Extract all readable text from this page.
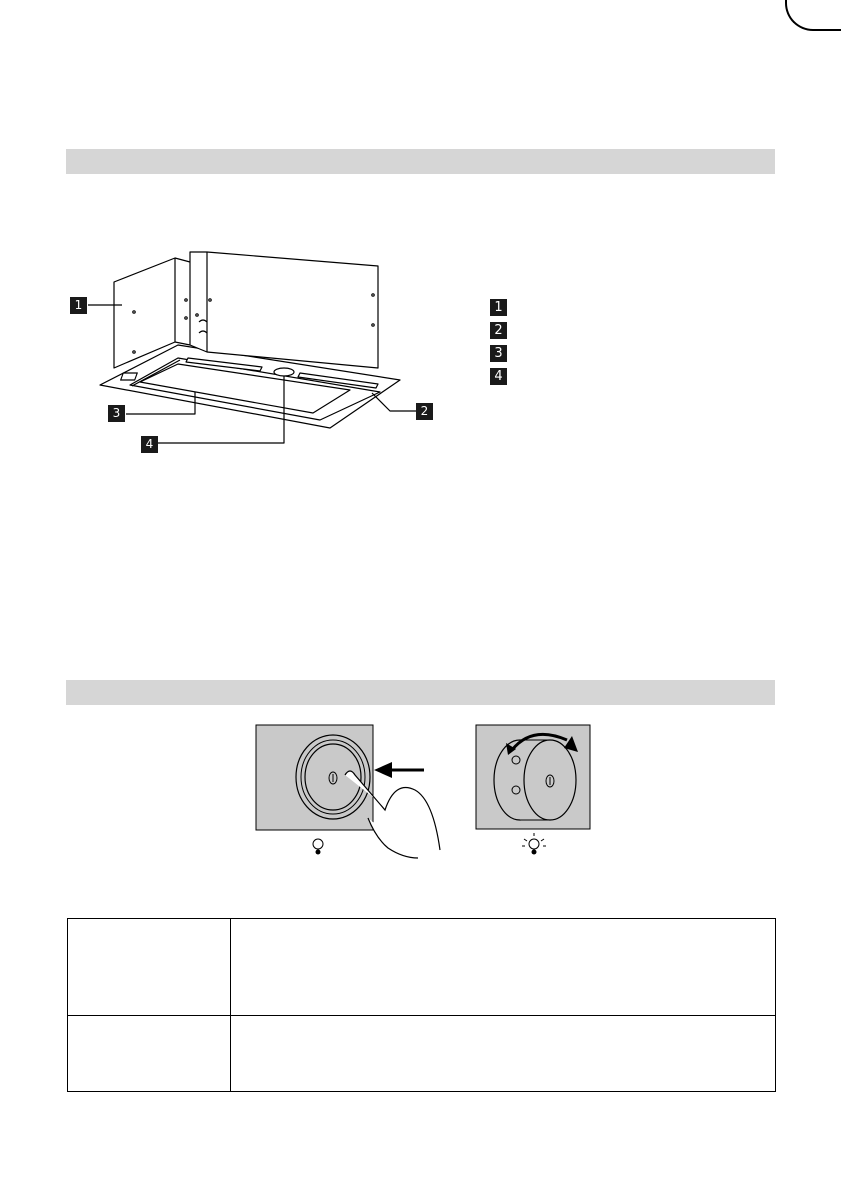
1
2
3
4
1
2
3
4
